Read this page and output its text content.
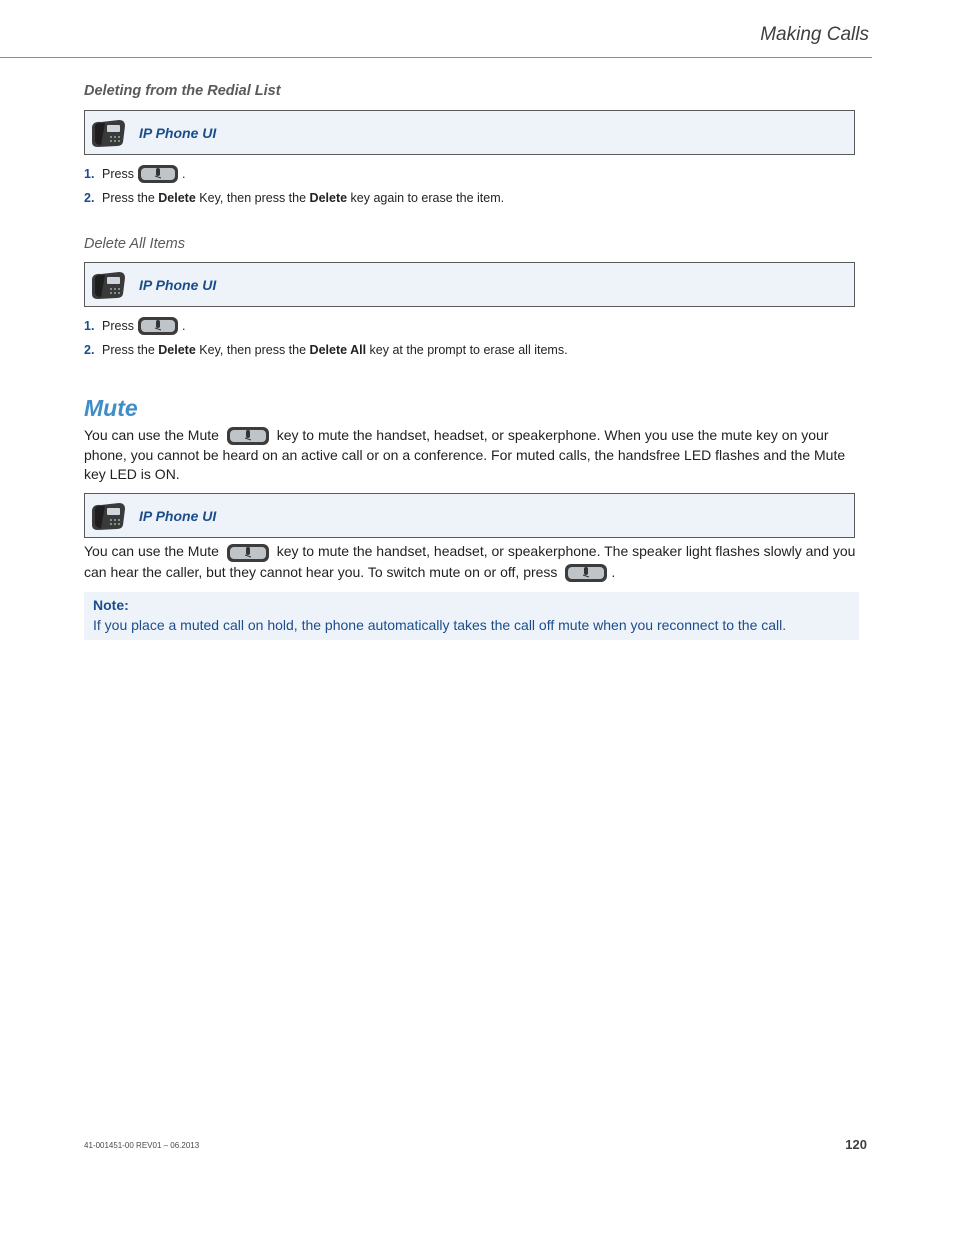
Making Calls

Deleting from the Redial List

IP Phone UI
1. Press	.
2. Press the Delete Key, then press the Delete key again to erase the item.

Delete All Items

IP Phone UI
1. Press	.
2. Press the Delete Key, then press the Delete All key at the prompt to erase all items.
Mute

You can use the Mute	key to mute the handset, headset, or speakerphone. When you use the mute key on your phone, you cannot be heard on an active call or on a conference. For muted calls, the handsfree LED flashes and the Mute key LED is ON.

IP Phone UI

You can use the Mute	key to mute the handset, headset, or speakerphone. The speaker light flashes slowly and you can hear the caller, but they cannot hear you. To switch mute on or off, press	.

Note:

If you place a muted call on hold, the phone automatically takes the call off mute when you reconnect to the call.

41-001451-00 REV01 – 06.2013	120
